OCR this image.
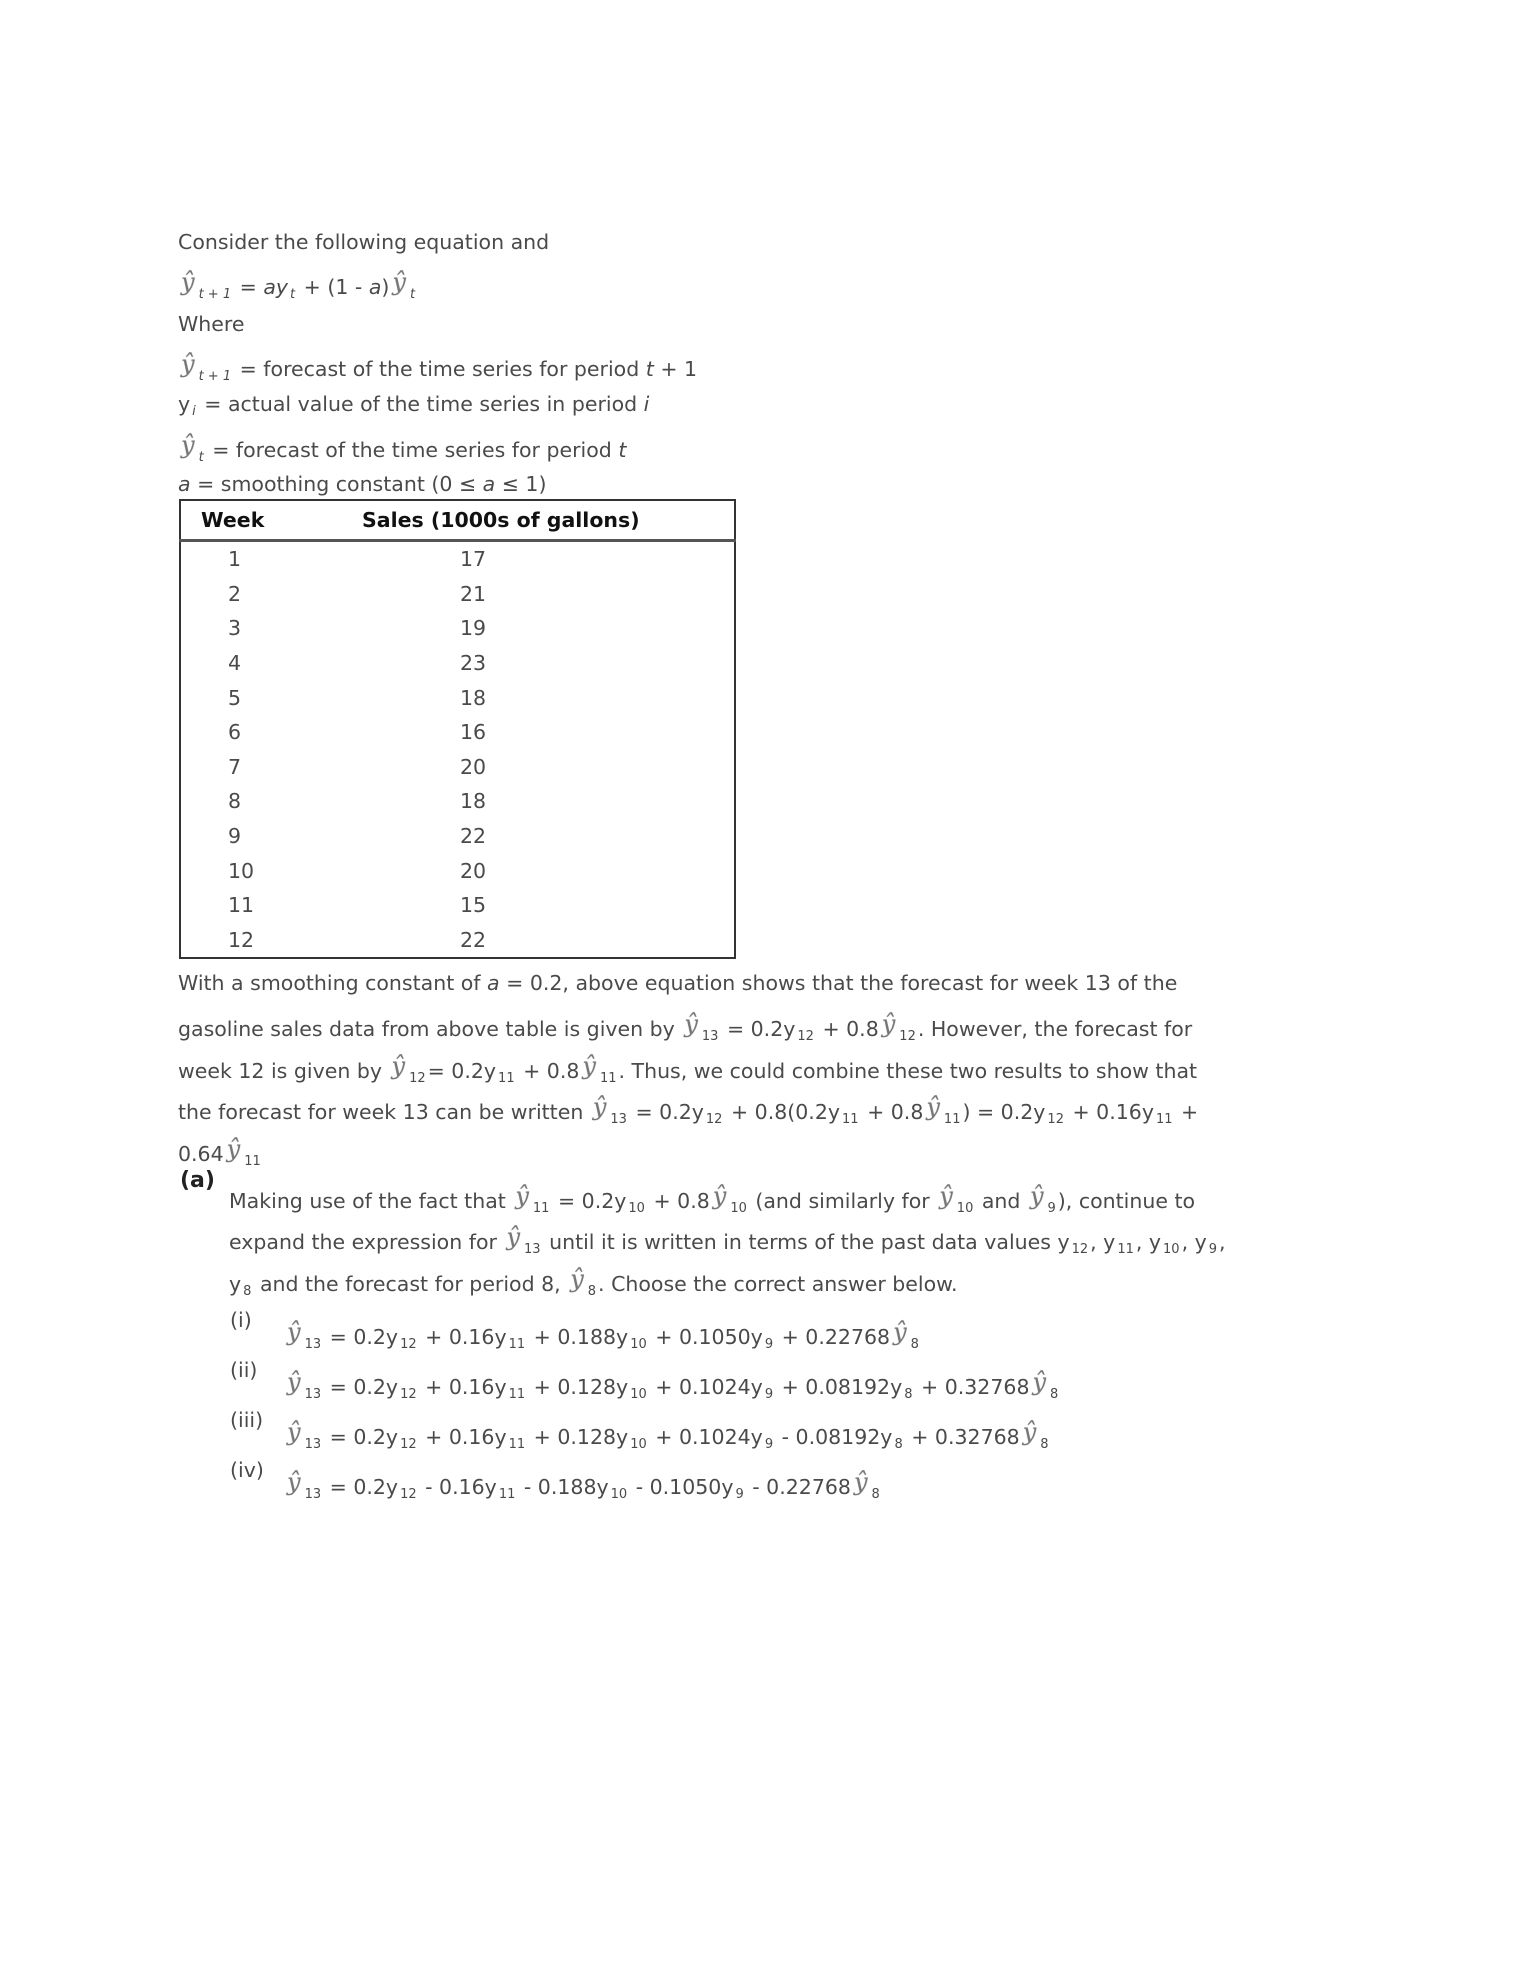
Consider the following equation and
ŷ $_{t + 1}$ = ay $_t$ + (1 - a) ŷ $_t$
Where
ŷ $_{t + 1}$ = forecast of the time series for period t + 1
y $_i$ = actual value of the time series in period i
ŷ $_t$ = forecast of the time series for period t
a = smoothing constant (0 ≤ a ≤ 1)
Week	Sales (1000s of gallons)
1	17
2	21
3	19
4	23
5	18
6	16
7	20
8	18
9	22
10	20
11	15
12	22
With a smoothing constant of a = 0.2, above equation shows that the forecast for week 13 of the
gasoline sales data from above table is given by ŷ $_{13}$ = 0.2y $_{12}$ + 0.8 ŷ $_{12}$. However, the forecast for
week 12 is given by ŷ $_{12}$= 0.2y $_{11}$ + 0.8 ŷ $_{11}$. Thus, we could combine these two results to show that
the forecast for week 13 can be written ŷ $_{13}$ = 0.2y $_{12}$ + 0.8(0.2y $_{11}$ + 0.8 ŷ $_{11}$) = 0.2y $_{12}$ + 0.16y $_{11}$ +
0.64 ŷ $_{11}$
(a)
Making use of the fact that ŷ $_{11}$ = 0.2y $_{10}$ + 0.8 ŷ $_{10}$ (and similarly for ŷ $_{10}$ and ŷ $_9$), continue to
expand the expression for ŷ $_{13}$ until it is written in terms of the past data values y $_{12}$, y $_{11}$, y $_{10}$, y $_9$,
y $_8$ and the forecast for period 8, ŷ $_8$. Choose the correct answer below.
(i) ŷ $_{13}$ = 0.2y $_{12}$ + 0.16y $_{11}$ + 0.188y $_{10}$ + 0.1050y $_9$ + 0.22768 ŷ $_8$
(ii) ŷ $_{13}$ = 0.2y $_{12}$ + 0.16y $_{11}$ + 0.128y $_{10}$ + 0.1024y $_9$ + 0.08192y $_8$ + 0.32768 ŷ $_8$
(iii) ŷ $_{13}$ = 0.2y $_{12}$ + 0.16y $_{11}$ + 0.128y $_{10}$ + 0.1024y $_9$ - 0.08192y $_8$ + 0.32768 ŷ $_8$
(iv) ŷ $_{13}$ = 0.2y $_{12}$ - 0.16y $_{11}$ - 0.188y $_{10}$ - 0.1050y $_9$ - 0.22768 ŷ $_8$
